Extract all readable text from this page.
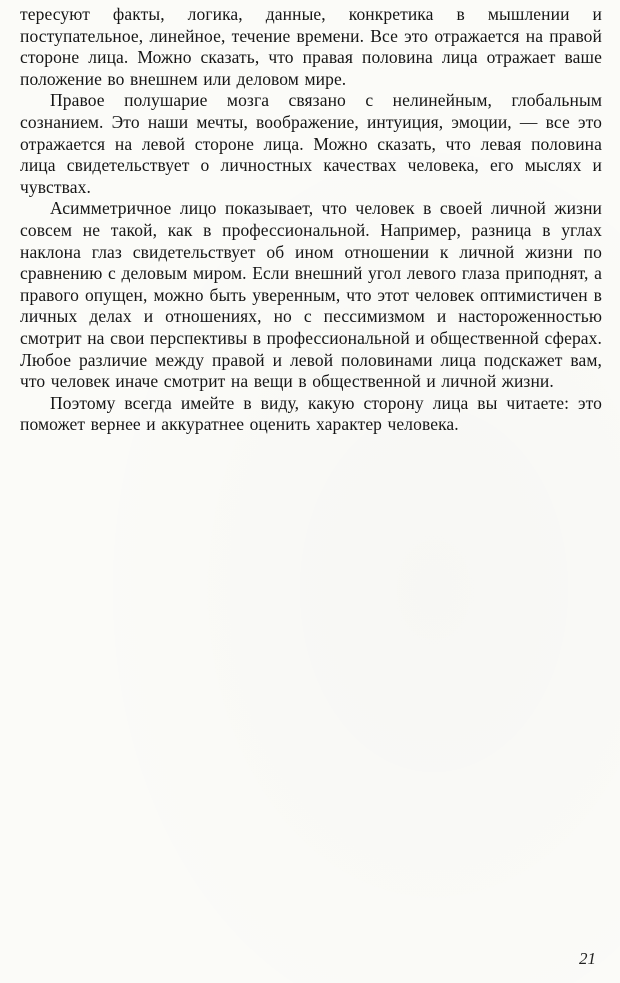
тересуют факты, логика, данные, конкретика в мышлении и поступательное, линейное, течение времени. Все это отражается на правой стороне лица. Можно сказать, что правая половина лица отражает ваше положение во внешнем или деловом мире.

Правое полушарие мозга связано с нелинейным, глобальным сознанием. Это наши мечты, воображение, интуиция, эмоции, — все это отражается на левой стороне лица. Можно сказать, что левая половина лица свидетельствует о личностных качествах человека, его мыслях и чувствах.

Асимметричное лицо показывает, что человек в своей личной жизни совсем не такой, как в профессиональной. Например, разница в углах наклона глаз свидетельствует об ином отношении к личной жизни по сравнению с деловым миром. Если внешний угол левого глаза приподнят, а правого опущен, можно быть уверенным, что этот человек оптимистичен в личных делах и отношениях, но с пессимизмом и настороженностью смотрит на свои перспективы в профессиональной и общественной сферах. Любое различие между правой и левой половинами лица подскажет вам, что человек иначе смотрит на вещи в общественной и личной жизни.

Поэтому всегда имейте в виду, какую сторону лица вы читаете: это поможет вернее и аккуратнее оценить характер человека.

21
